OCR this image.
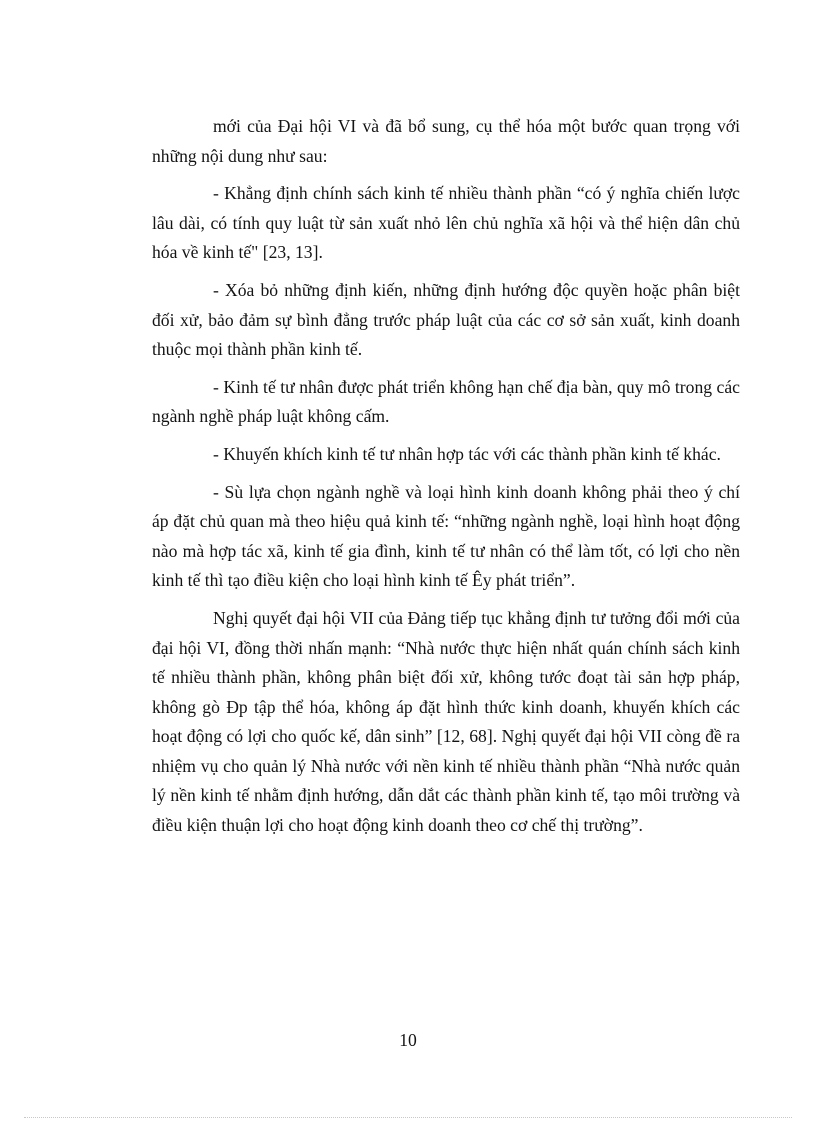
mới của Đại hội VI và đã bổ sung, cụ thể hóa một bước quan trọng với những nội dung như sau:

- Khẳng định chính sách kinh tế nhiều thành phần “có ý nghĩa chiến lược lâu dài, có tính quy luật từ sản xuất nhỏ lên chủ nghĩa xã hội và thể hiện dân chủ hóa về kinh tế" [23, 13].

- Xóa bỏ những định kiến, những định hướng độc quyền hoặc phân biệt đối xử, bảo đảm sự bình đẳng trước pháp luật của các cơ sở sản xuất, kinh doanh thuộc mọi thành phần kinh tế.

- Kinh tế tư nhân được phát triển không hạn chế địa bàn, quy mô trong các ngành nghề pháp luật không cấm.

- Khuyến khích kinh tế tư nhân hợp tác với các thành phần kinh tế khác.

- Sù lựa chọn ngành nghề và loại hình kinh doanh không phải theo ý chí áp đặt chủ quan mà theo hiệu quả kinh tế: “những ngành nghề, loại hình hoạt động nào mà hợp tác xã, kinh tế gia đình, kinh tế tư nhân có thể làm tốt, có lợi cho nền kinh tế thì tạo điều kiện cho loại hình kinh tế Êy phát triển”.

Nghị quyết đại hội VII của Đảng tiếp tục khẳng định tư tưởng đổi mới của đại hội VI, đồng thời nhấn mạnh: “Nhà nước thực hiện nhất quán chính sách kinh tế nhiều thành phần, không phân biệt đối xử, không tước đoạt tài sản hợp pháp, không gò Đp tập thể hóa, không áp đặt hình thức kinh doanh, khuyến khích các hoạt động có lợi cho quốc kế, dân sinh” [12, 68]. Nghị quyết đại hội VII còng đề ra nhiệm vụ cho quản lý Nhà nước với nền kinh tế nhiều thành phần “Nhà nước quản lý nền kinh tế nhằm định hướng, dẫn dắt các thành phần kinh tế, tạo môi trường và điều kiện thuận lợi cho hoạt động kinh doanh theo cơ chế thị trường”.

10
